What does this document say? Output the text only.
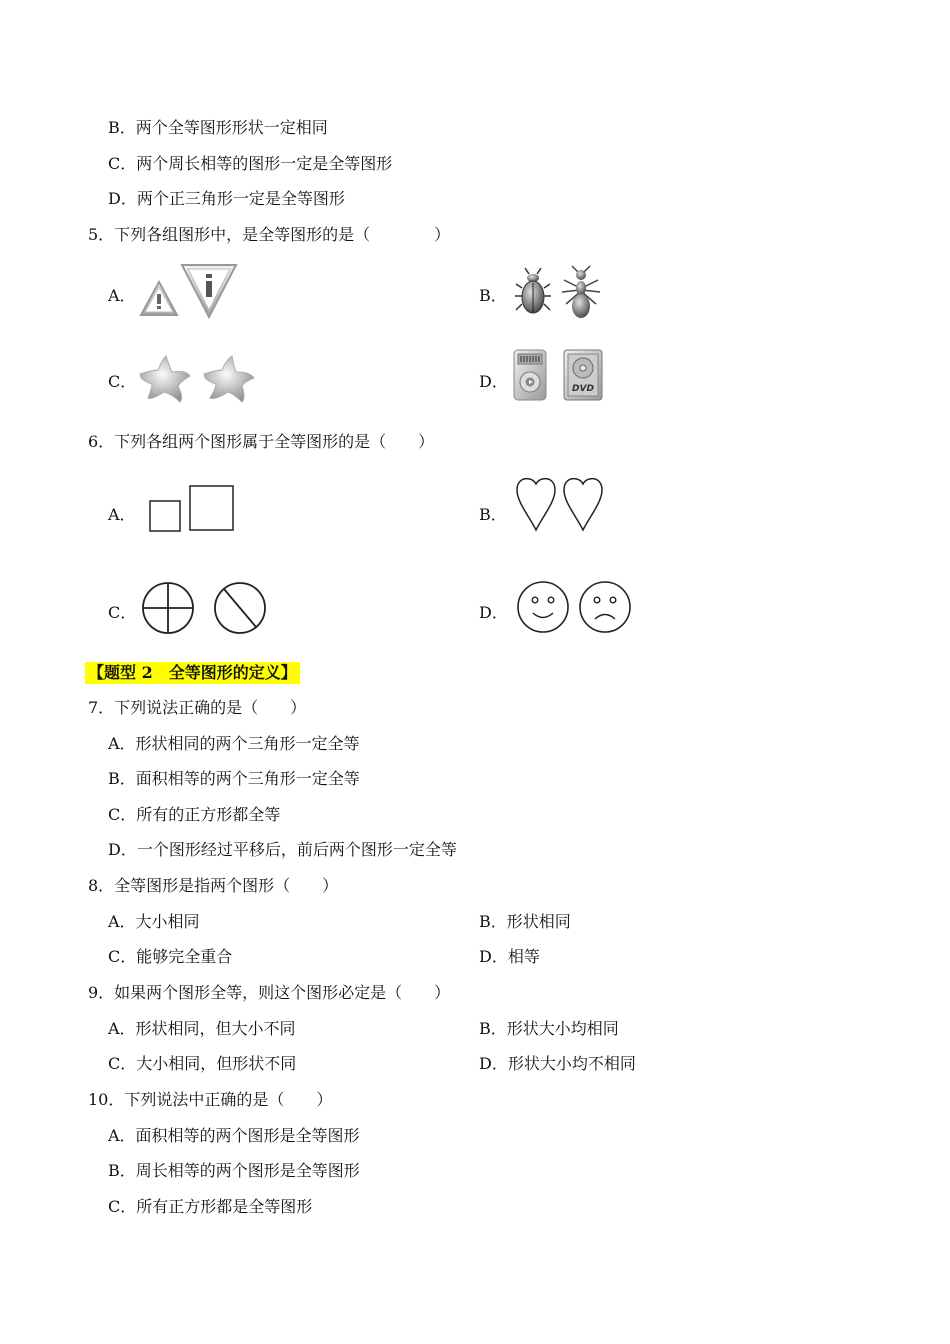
B．两个全等图形形状一定相同
C．两个周长相等的图形一定是全等图形
D．两个正三角形一定是全等图形
5．下列各组图形中，是全等图形的是（　　　　）
A．	B．
C．	D．	DVD
6．下列各组两个图形属于全等图形的是（　　）
A．	B．
C．	D．
【题型 2　全等图形的定义】
7．下列说法正确的是（　　）
A．形状相同的两个三角形一定全等
B．面积相等的两个三角形一定全等
C．所有的正方形都全等
D．一个图形经过平移后，前后两个图形一定全等
8．全等图形是指两个图形（　　）
A．大小相同	B．形状相同
C．能够完全重合	D．相等
9．如果两个图形全等，则这个图形必定是（　　）
A．形状相同，但大小不同	B．形状大小均相同
C．大小相同，但形状不同	D．形状大小均不相同
10．下列说法中正确的是（　　）
A．面积相等的两个图形是全等图形
B．周长相等的两个图形是全等图形
C．所有正方形都是全等图形
